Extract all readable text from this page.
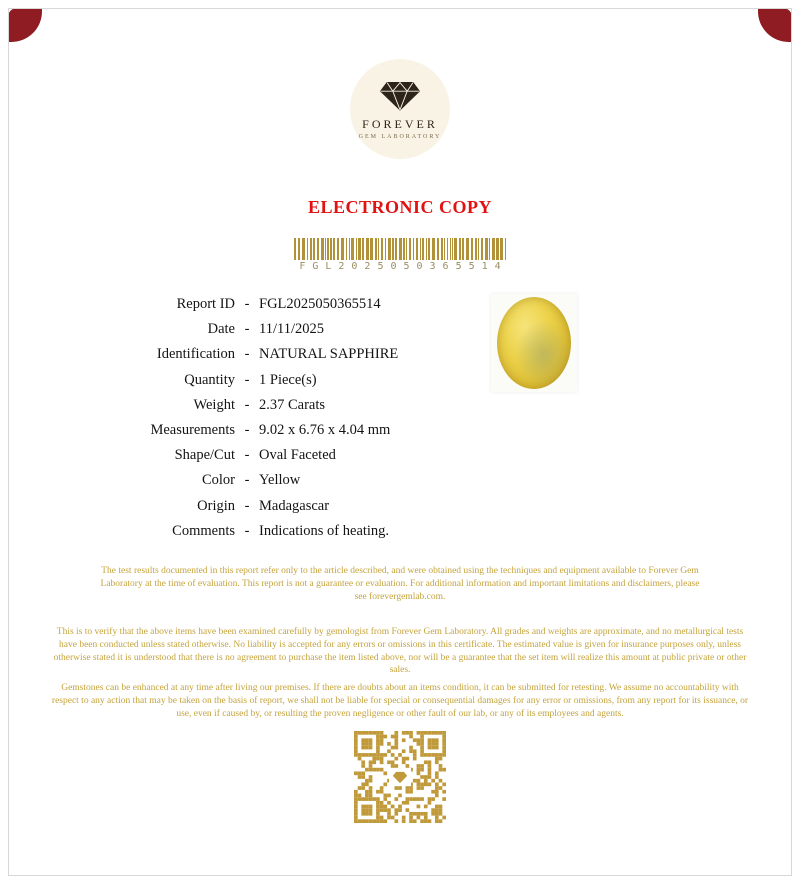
FOREVER
GEM LABORATORY
ELECTRONIC COPY
FGL2025050365514
Report ID - FGL2025050365514
Date - 11/11/2025
Identification - NATURAL SAPPHIRE
Quantity - 1 Piece(s)
Weight - 2.37 Carats
Measurements - 9.02 x 6.76 x 4.04 mm
Shape/Cut - Oval Faceted
Color - Yellow
Origin - Madagascar
Comments - Indications of heating.

The test results documented in this report refer only to the article described, and were obtained using the techniques and equipment available to Forever Gem Laboratory at the time of evaluation. This report is not a guarantee or evaluation. For additional information and important limitations and disclaimers, please see forevergemlab.com.

This is to verify that the above items have been examined carefully by gemologist from Forever Gem Laboratory. All grades and weights are approximate, and no metallurgical tests have been conducted unless stated otherwise. No liability is accepted for any errors or omissions in this certificate. The estimated value is given for insurance purposes only, unless otherwise stated it is understood that there is no agreement to purchase the item listed above, nor will be a guarantee that the set item will realize this amount at public private or other sales.

Gemstones can be enhanced at any time after living our premises. If there are doubts about an items condition, it can be submitted for retesting. We assume no accountability with respect to any action that may be taken on the basis of report, we shall not be liable for special or consequential damages for any error or omissions, from any report for its issuance, or use, even if caused by, or resulting the proven negligence or other fault of our lab, or any of its employees and agents.
